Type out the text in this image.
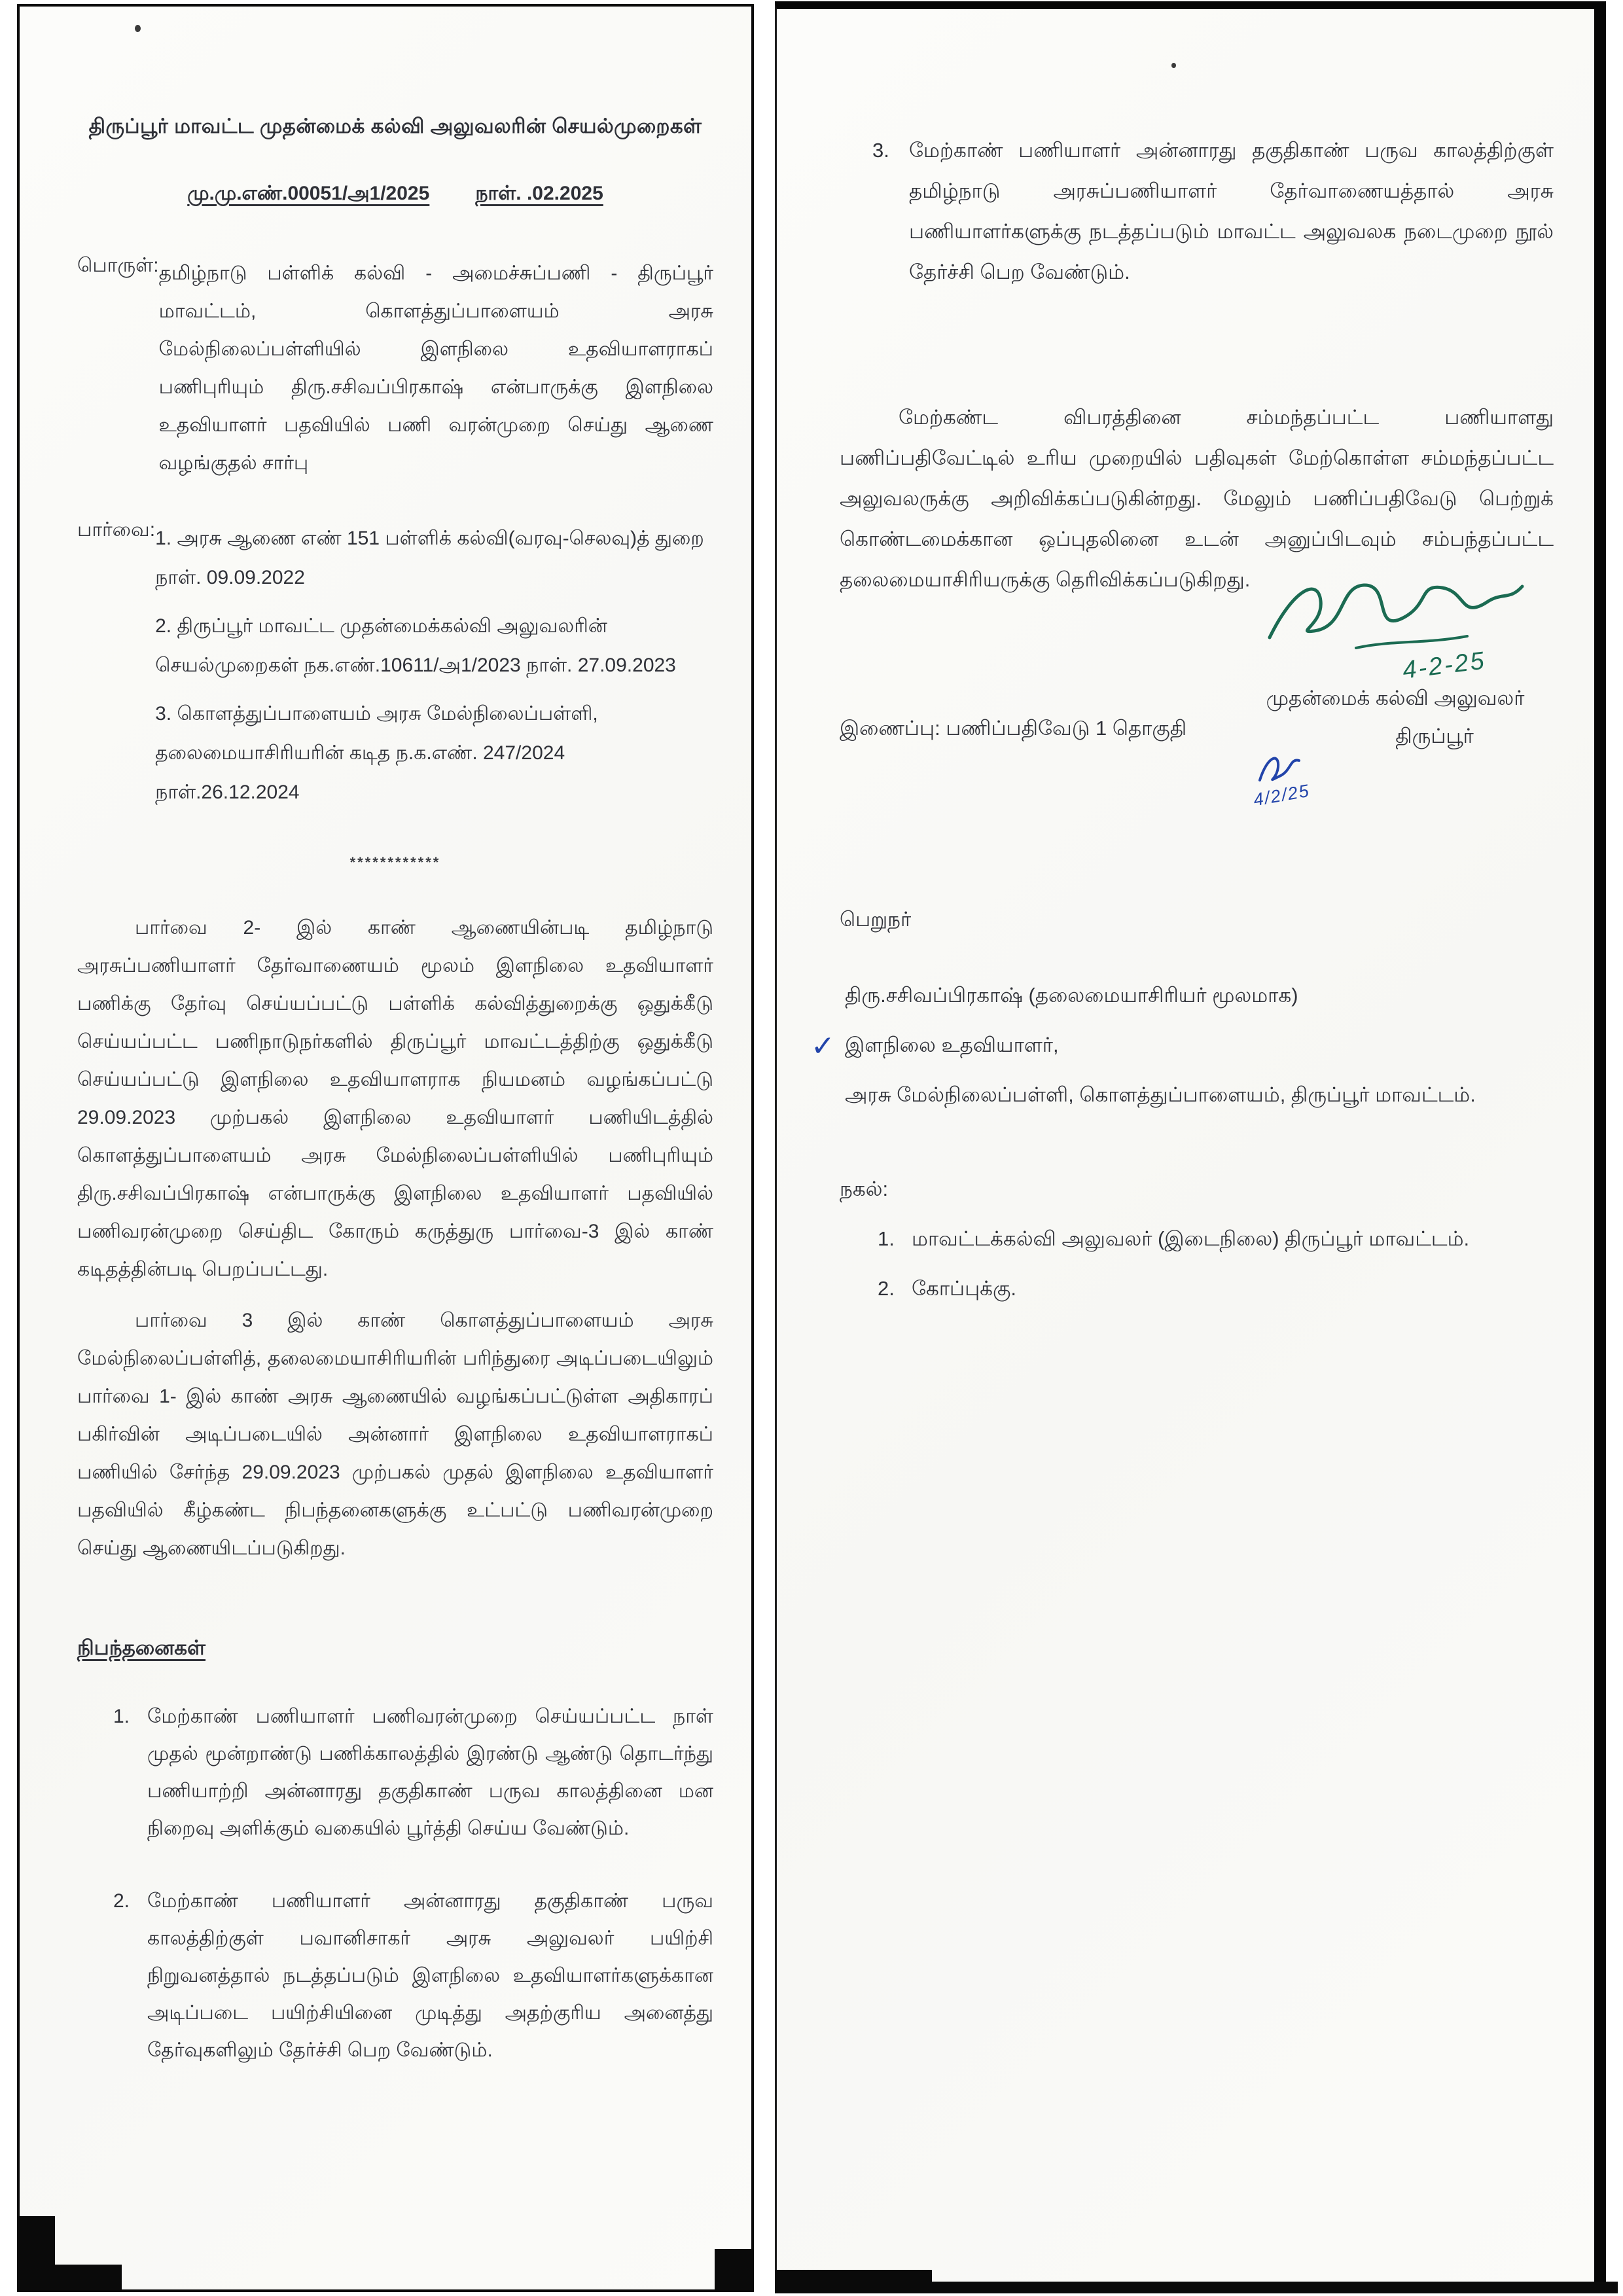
திருப்பூர் மாவட்ட முதன்மைக் கல்வி அலுவலரின் செயல்முறைகள்
மு.மு.எண்.00051/அ1/2025 நாள். .02.2025
பொருள்: தமிழ்நாடு பள்ளிக் கல்வி - அமைச்சுப்பணி - திருப்பூர் மாவட்டம், கொளத்துப்பாளையம் அரசு மேல்நிலைப்பள்ளியில் இளநிலை உதவியாளராகப் பணிபுரியும் திரு.சசிவப்பிரகாஷ் என்பாருக்கு இளநிலை உதவியாளர் பதவியில் பணி வரன்முறை செய்து ஆணை வழங்குதல் சார்பு
பார்வை: 1. அரசு ஆணை எண் 151 பள்ளிக் கல்வி(வரவு-செலவு)த் துறை நாள். 09.09.2022
2. திருப்பூர் மாவட்ட முதன்மைக்கல்வி அலுவலரின் செயல்முறைகள் நக.எண்.10611/அ1/2023 நாள். 27.09.2023
3. கொளத்துப்பாளையம் அரசு மேல்நிலைப்பள்ளி, தலைமையாசிரியரின் கடித ந.க.எண். 247/2024 நாள்.26.12.2024
************
பார்வை 2- இல் காண் ஆணையின்படி தமிழ்நாடு அரசுப்பணியாளர் தேர்வாணையம் மூலம் இளநிலை உதவியாளர் பணிக்கு தேர்வு செய்யப்பட்டு பள்ளிக் கல்வித்துறைக்கு ஒதுக்கீடு செய்யப்பட்ட பணிநாடுநர்களில் திருப்பூர் மாவட்டத்திற்கு ஒதுக்கீடு செய்யப்பட்டு இளநிலை உதவியாளராக நியமனம் வழங்கப்பட்டு 29.09.2023 முற்பகல் இளநிலை உதவியாளர் பணியிடத்தில் கொளத்துப்பாளையம் அரசு மேல்நிலைப்பள்ளியில் பணிபுரியும் திரு.சசிவப்பிரகாஷ் என்பாருக்கு இளநிலை உதவியாளர் பதவியில் பணிவரன்முறை செய்திட கோரும் கருத்துரு பார்வை-3 இல் காண் கடிதத்தின்படி பெறப்பட்டது.
பார்வை 3 இல் காண் கொளத்துப்பாளையம் அரசு மேல்நிலைப்பள்ளித், தலைமையாசிரியரின் பரிந்துரை அடிப்படையிலும் பார்வை 1- இல் காண் அரசு ஆணையில் வழங்கப்பட்டுள்ள அதிகாரப் பகிர்வின் அடிப்படையில் அன்னார் இளநிலை உதவியாளராகப் பணியில் சேர்ந்த 29.09.2023 முற்பகல் முதல் இளநிலை உதவியாளர் பதவியில் கீழ்கண்ட நிபந்தனைகளுக்கு உட்பட்டு பணிவரன்முறை செய்து ஆணையிடப்படுகிறது.
நிபந்தனைகள்
1. மேற்காண் பணியாளர் பணிவரன்முறை செய்யப்பட்ட நாள் முதல் மூன்றாண்டு பணிக்காலத்தில் இரண்டு ஆண்டு தொடர்ந்து பணியாற்றி அன்னாரது தகுதிகாண் பருவ காலத்தினை மன நிறைவு அளிக்கும் வகையில் பூர்த்தி செய்ய வேண்டும்.
2. மேற்காண் பணியாளர் அன்னாரது தகுதிகாண் பருவ காலத்திற்குள் பவானிசாகர் அரசு அலுவலர் பயிற்சி நிறுவனத்தால் நடத்தப்படும் இளநிலை உதவியாளர்களுக்கான அடிப்படை பயிற்சியினை முடித்து அதற்குரிய அனைத்து தேர்வுகளிலும் தேர்ச்சி பெற வேண்டும்.
3. மேற்காண் பணியாளர் அன்னாரது தகுதிகாண் பருவ காலத்திற்குள் தமிழ்நாடு அரசுப்பணியாளர் தேர்வாணையத்தால் அரசு பணியாளர்களுக்கு நடத்தப்படும் மாவட்ட அலுவலக நடைமுறை நூல் தேர்ச்சி பெற வேண்டும்.
மேற்கண்ட விபரத்தினை சம்மந்தப்பட்ட பணியாளது பணிப்பதிவேட்டில் உரிய முறையில் பதிவுகள் மேற்கொள்ள சம்மந்தப்பட்ட அலுவலருக்கு அறிவிக்கப்படுகின்றது. மேலும் பணிப்பதிவேடு பெற்றுக் கொண்டமைக்கான ஒப்புதலினை உடன் அனுப்பிடவும் சம்பந்தப்பட்ட தலைமையாசிரியருக்கு தெரிவிக்கப்படுகிறது.
இணைப்பு: பணிப்பதிவேடு 1 தொகுதி
4-2-25
முதன்மைக் கல்வி அலுவலர்
திருப்பூர்
4/2/25
பெறுநர்
திரு.சசிவப்பிரகாஷ் (தலைமையாசிரியர் மூலமாக)
✓ இளநிலை உதவியாளர்,
அரசு மேல்நிலைப்பள்ளி, கொளத்துப்பாளையம், திருப்பூர் மாவட்டம்.
நகல்:
1. மாவட்டக்கல்வி அலுவலர் (இடைநிலை) திருப்பூர் மாவட்டம்.
2. கோப்புக்கு.
